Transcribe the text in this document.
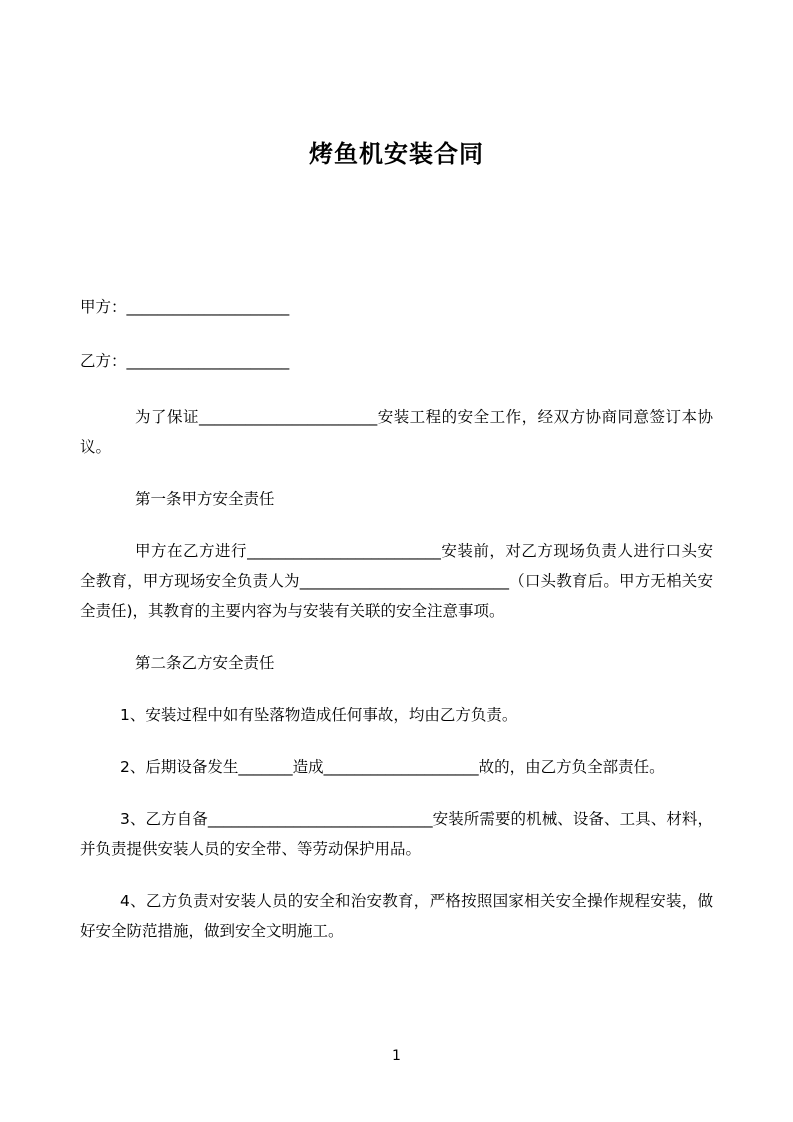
烤鱼机安装合同

甲方：_____________________

乙方：_____________________

为了保证_______________________安装工程的安全工作，经双方协商同意签订本协议。

第一条甲方安全责任

甲方在乙方进行_________________________安装前，对乙方现场负责人进行口头安全教育，甲方现场安全负责人为___________________________（口头教育后。甲方无桘关安全责任)，其教育的主要内容为与安装有关联的安全注意事项。

第二条乙方安全责任

1、安装过程中如有坠落物造成任何事故，均由乙方负责。

2、后期设备发生_______造成____________________故的，由乙方负全部责任。

3、乙方自备_____________________________安装所需要的机械、设备、工具、材料，并负责提供安装人员的安全带、等劳动保护用品。

4、乙方负责对安装人员的安全和治安教育，严格按照国家相关安全操作规程安装，做好安全防范措施，做到安全文明施工。

1
